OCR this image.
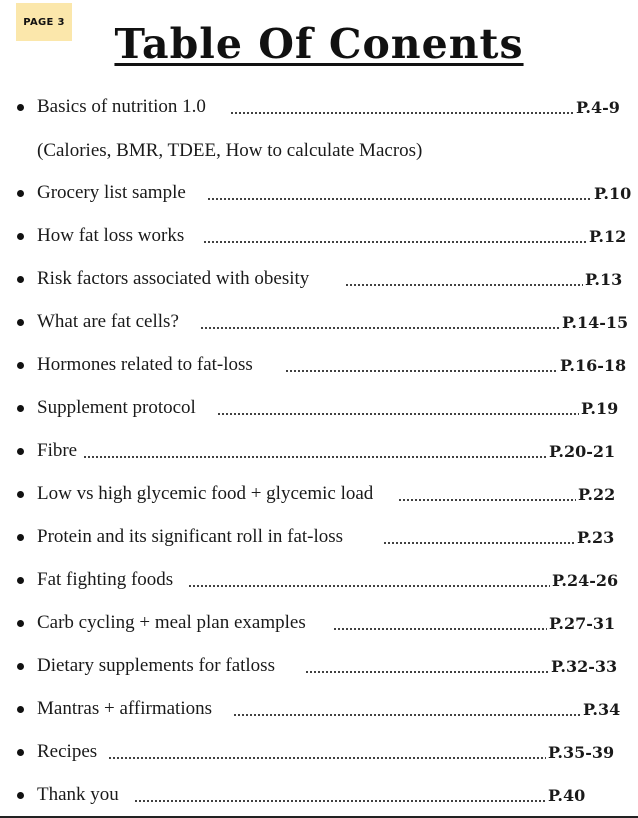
PAGE 3	Table Of Conents
Basics of nutrition 1.0	P.4-9
(Calories, BMR, TDEE, How to calculate Macros)
Grocery list sample	P.10
How fat loss works	P.12
Risk factors associated with obesity	P.13
What are fat cells?	P.14-15
Hormones related to fat-loss	P.16-18
Supplement protocol	P.19
Fibre	P.20-21
Low vs high glycemic food + glycemic load	P.22
Protein and its significant roll in fat-loss	P.23
Fat fighting foods	P.24-26
Carb cycling + meal plan examples	P.27-31
Dietary supplements for fatloss	P.32-33
Mantras + affirmations	P.34
Recipes	P.35-39
Thank you	P.40
